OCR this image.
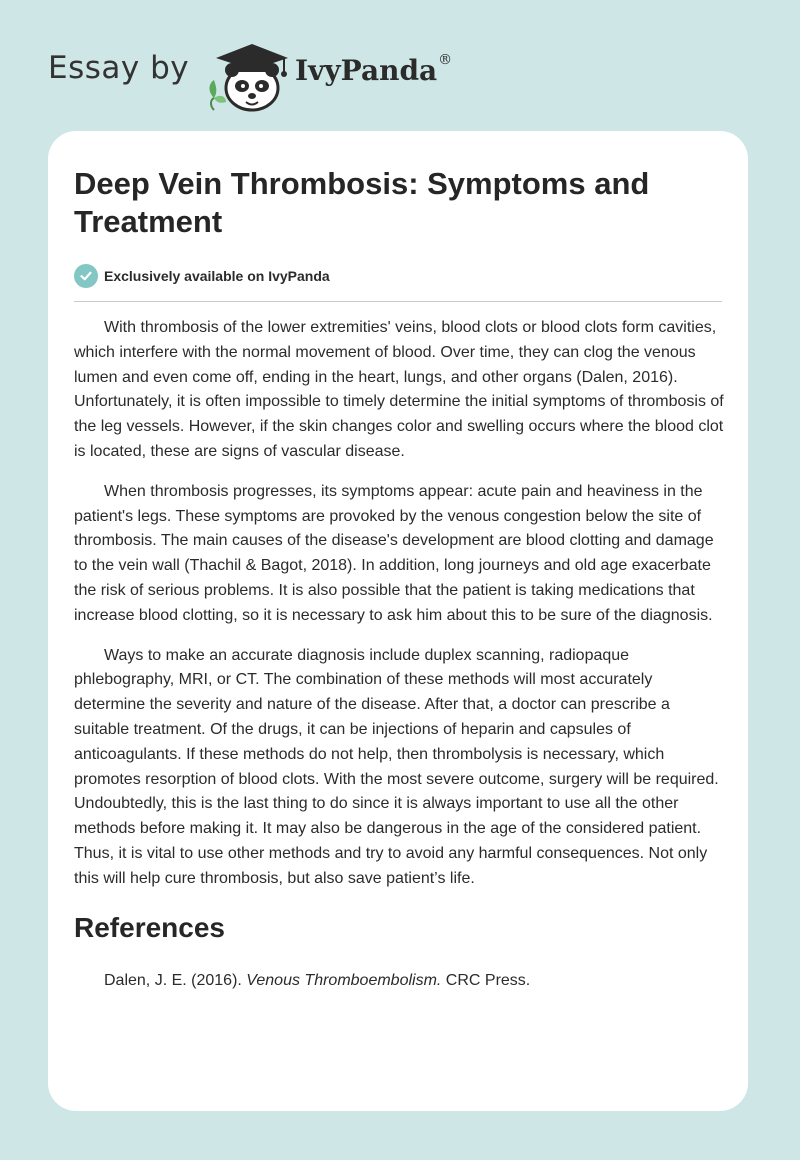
Essay by	IvyPanda®
Deep Vein Thrombosis: Symptoms and Treatment
Exclusively available on IvyPanda

With thrombosis of the lower extremities' veins, blood clots or blood clots form cavities, which interfere with the normal movement of blood. Over time, they can clog the venous lumen and even come off, ending in the heart, lungs, and other organs (Dalen, 2016). Unfortunately, it is often impossible to timely determine the initial symptoms of thrombosis of the leg vessels. However, if the skin changes color and swelling occurs where the blood clot is located, these are signs of vascular disease.

When thrombosis progresses, its symptoms appear: acute pain and heaviness in the patient's legs. These symptoms are provoked by the venous congestion below the site of thrombosis. The main causes of the disease's development are blood clotting and damage to the vein wall (Thachil & Bagot, 2018). In addition, long journeys and old age exacerbate the risk of serious problems. It is also possible that the patient is taking medications that increase blood clotting, so it is necessary to ask him about this to be sure of the diagnosis.

Ways to make an accurate diagnosis include duplex scanning, radiopaque phlebography, MRI, or CT. The combination of these methods will most accurately determine the severity and nature of the disease. After that, a doctor can prescribe a suitable treatment. Of the drugs, it can be injections of heparin and capsules of anticoagulants. If these methods do not help, then thrombolysis is necessary, which promotes resorption of blood clots. With the most severe outcome, surgery will be required. Undoubtedly, this is the last thing to do since it is always important to use all the other methods before making it. It may also be dangerous in the age of the considered patient. Thus, it is vital to use other methods and try to avoid any harmful consequences. Not only this will help cure thrombosis, but also save patient’s life.

References
Dalen, J. E. (2016). Venous Thromboembolism. CRC Press.
